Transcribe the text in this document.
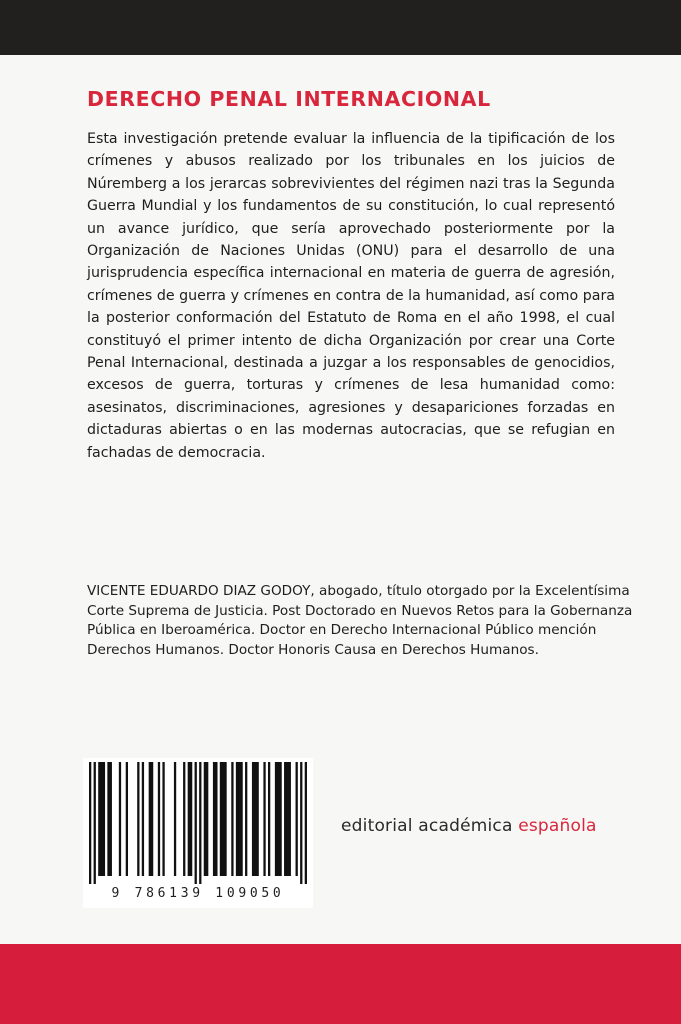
DERECHO PENAL INTERNACIONAL

Esta investigación pretende evaluar la influencia de la tipificación de los crímenes y abusos realizado por los tribunales en los juicios de Núremberg a los jerarcas sobrevivientes del régimen nazi tras la Segunda Guerra Mundial y los fundamentos de su constitución, lo cual representó un avance jurídico, que sería aprovechado posteriormente por la Organización de Naciones Unidas (ONU) para el desarrollo de una jurisprudencia específica internacional en materia de guerra de agresión, crímenes de guerra y crímenes en contra de la humanidad, así como para la posterior conformación del Estatuto de Roma en el año 1998, el cual constituyó el primer intento de dicha Organización por crear una Corte Penal Internacional, destinada a juzgar a los responsables de genocidios, excesos de guerra, torturas y crímenes de lesa humanidad como: asesinatos, discriminaciones, agresiones y desapariciones forzadas en dictaduras abiertas o en las modernas autocracias, que se refugian en fachadas de democracia.

VICENTE EDUARDO DIAZ GODOY, abogado, título otorgado por la Excelentísima Corte Suprema de Justicia. Post Doctorado en Nuevos Retos para la Gobernanza Pública en Iberoamérica. Doctor en Derecho Internacional Público mención Derechos Humanos. Doctor Honoris Causa en Derechos Humanos.

9 786139 109050
editorial académica española
